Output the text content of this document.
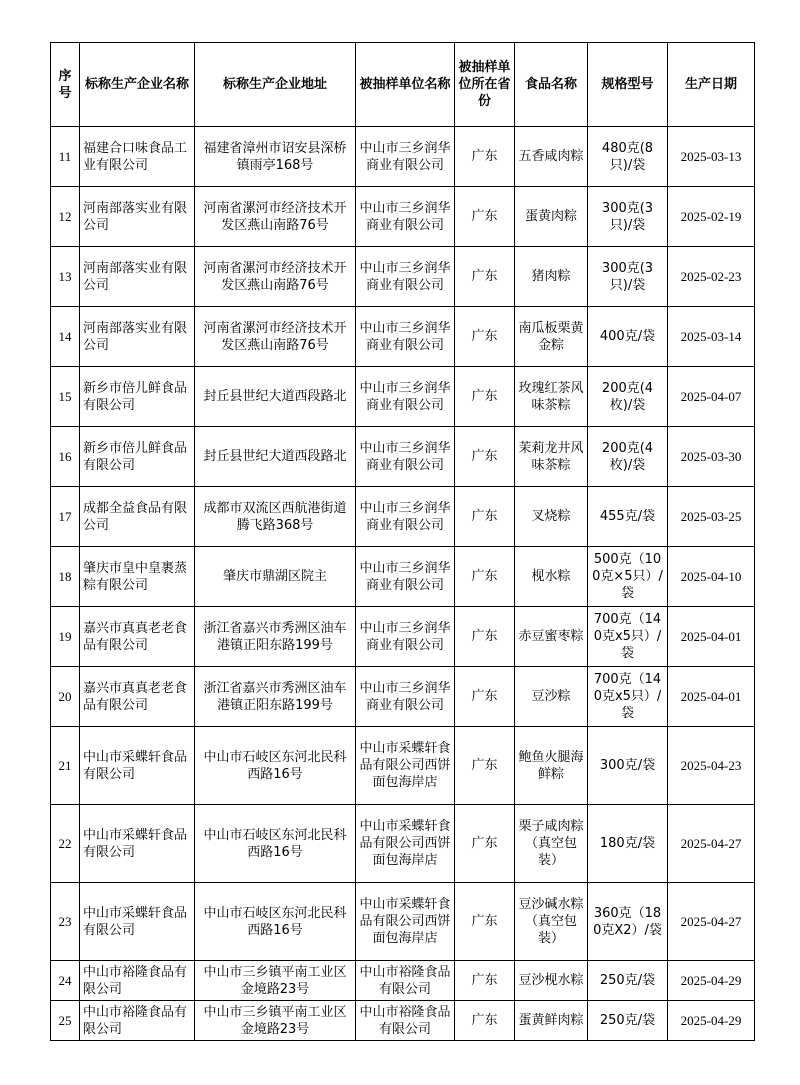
序号	标称生产企业名称	标称生产企业地址	被抽样单位名称	被抽样单位所在省份	食品名称	规格型号	生产日期
11	福建合口味食品工业有限公司	福建省漳州市诏安县深桥镇雨亭168号	中山市三乡润华商业有限公司	广东	五香咸肉粽	480克(8只)/袋	2025-03-13
12	河南部落实业有限公司	河南省漯河市经济技术开发区燕山南路76号	中山市三乡润华商业有限公司	广东	蛋黄肉粽	300克(3只)/袋	2025-02-19
13	河南部落实业有限公司	河南省漯河市经济技术开发区燕山南路76号	中山市三乡润华商业有限公司	广东	猪肉粽	300克(3只)/袋	2025-02-23
14	河南部落实业有限公司	河南省漯河市经济技术开发区燕山南路76号	中山市三乡润华商业有限公司	广东	南瓜板栗黄金粽	400克/袋	2025-03-14
15	新乡市倍儿鲜食品有限公司	封丘县世纪大道西段路北	中山市三乡润华商业有限公司	广东	玫瑰红茶风味茶粽	200克(4枚)/袋	2025-04-07
16	新乡市倍儿鲜食品有限公司	封丘县世纪大道西段路北	中山市三乡润华商业有限公司	广东	茉莉龙井风味茶粽	200克(4枚)/袋	2025-03-30
17	成都全益食品有限公司	成都市双流区西航港街道腾飞路368号	中山市三乡润华商业有限公司	广东	叉烧粽	455克/袋	2025-03-25
18	肇庆市皇中皇裹蒸粽有限公司	肇庆市鼎湖区院主	中山市三乡润华商业有限公司	广东	枧水粽	500克（100克×5只）/袋	2025-04-10
19	嘉兴市真真老老食品有限公司	浙江省嘉兴市秀洲区油车港镇正阳东路199号	中山市三乡润华商业有限公司	广东	赤豆蜜枣粽	700克（140克x5只）/袋	2025-04-01
20	嘉兴市真真老老食品有限公司	浙江省嘉兴市秀洲区油车港镇正阳东路199号	中山市三乡润华商业有限公司	广东	豆沙粽	700克（140克x5只）/袋	2025-04-01
21	中山市采蝶轩食品有限公司	中山市石岐区东河北民科西路16号	中山市采蝶轩食品有限公司西饼面包海岸店	广东	鲍鱼火腿海鲜粽	300克/袋	2025-04-23
22	中山市采蝶轩食品有限公司	中山市石岐区东河北民科西路16号	中山市采蝶轩食品有限公司西饼面包海岸店	广东	栗子咸肉粽（真空包装）	180克/袋	2025-04-27
23	中山市采蝶轩食品有限公司	中山市石岐区东河北民科西路16号	中山市采蝶轩食品有限公司西饼面包海岸店	广东	豆沙碱水粽（真空包装）	360克（180克X2）/袋	2025-04-27
24	中山市裕隆食品有限公司	中山市三乡镇平南工业区金境路23号	中山市裕隆食品有限公司	广东	豆沙枧水粽	250克/袋	2025-04-29
25	中山市裕隆食品有限公司	中山市三乡镇平南工业区金境路23号	中山市裕隆食品有限公司	广东	蛋黄鲜肉粽	250克/袋	2025-04-29
